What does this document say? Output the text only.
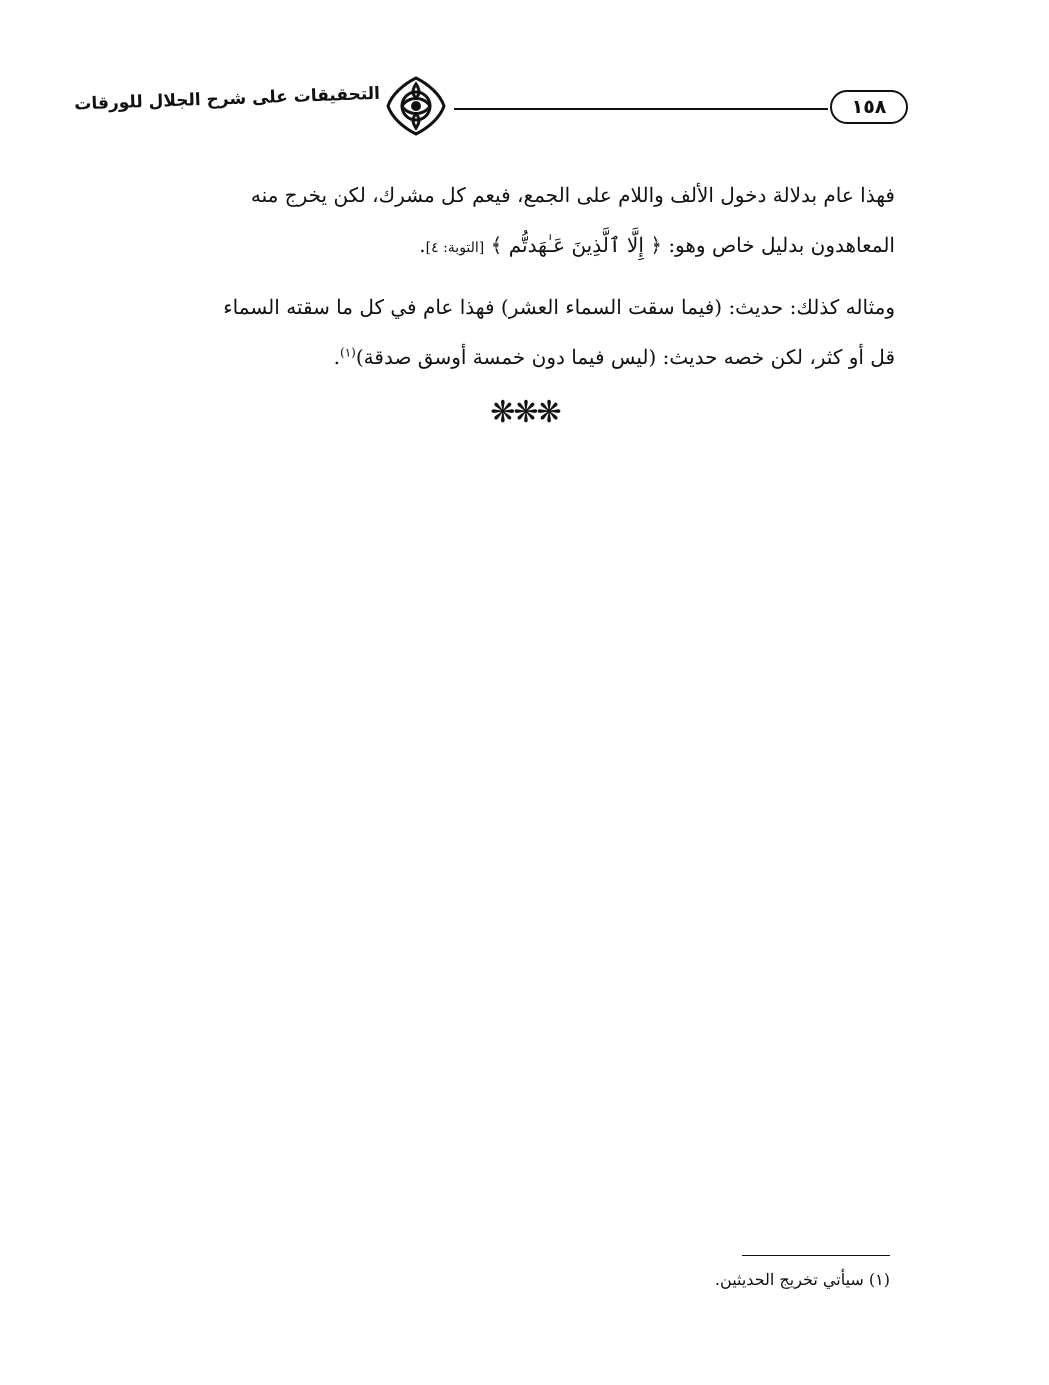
التحقيقات على شرح الجلال للورقات	١٥٨
فهذا عام بدلالة دخول الألف واللام على الجمع، فيعم كل مشرك، لكن يخرج منه
المعاهدون بدليل خاص وهو: ﴿ إِلَّا ٱلَّذِينَ عَـٰهَدتُّم ﴾ [التوبة: ٤].
ومثاله كذلك: حديث: (فيما سقت السماء العشر) فهذا عام في كل ما سقته السماء
قل أو كثر، لكن خصه حديث: (ليس فيما دون خمسة أوسق صدقة)$^{(١)}$.
❋❋❋
(١) سيأتي تخريج الحديثين.
